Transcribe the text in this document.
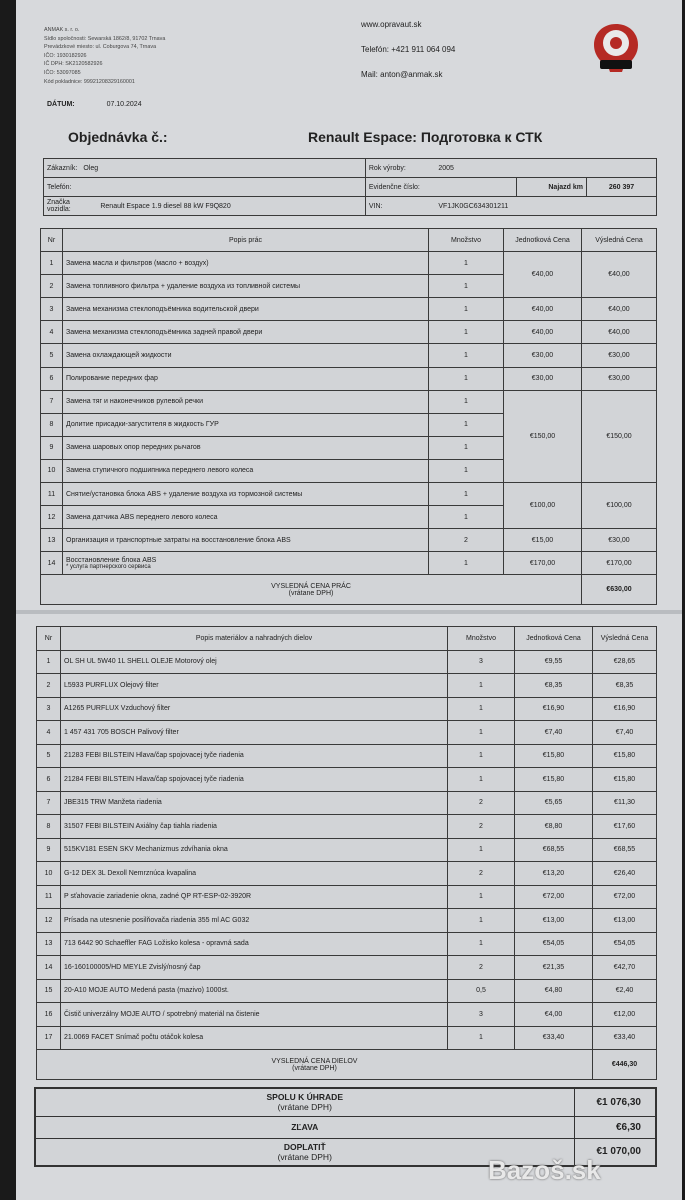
ANMAK s. r. o.
Sídlo spoločnosti: Sewarská 1862/8, 91702 Trnava
Prevádzkové miesto: ul. Coburgova 74, Trnava
IČO: 1930182926
IČ DPH: SK2120582926
IČO: 53097085
Kód pokladnice: 99921208329160001
www.opravaut.sk
Telefón: +421 911 064 094
Mail: anton@anmak.sk
DÁTUM:	07.10.2024
Objednávka č.:	Renault Espace: Подготовка к СТК
Zákazník:	Oleg	Rok výroby:	2005		
Telefón:		Evidenčne číslo:		Najazd km	260 397
Značka vozidla:	Renault Espace 1.9 diesel 88 kW F9Q820	VIN:	VF1JK0GC634301211		
Nr	Popis prác	Množstvo	Jednotková Cena	Výsledná Cena
1	Замена масла и фильтров (масло + воздух)	1	€40,00	€40,00
2	Замена топливного фильтра + удаление воздуха из топливной системы	1		
3	Замена механизма стеклоподъёмника водительской двери	1	€40,00	€40,00
4	Замена механизма стеклоподъёмника задней правой двери	1	€40,00	€40,00
5	Замена охлаждающей жидкости	1	€30,00	€30,00
6	Полирование передних фар	1	€30,00	€30,00
7	Замена тяг и наконечников рулевой речки	1	€150,00	€150,00
8	Долитие присадки-загустителя в жидкость ГУР	1		
9	Замена шаровых опор передних рычагов	1		
10	Замена ступичного подшипника переднего левого колеса	1		
11	Снятие/установка блока ABS + удаление воздуха из тормозной системы	1	€100,00	€100,00
12	Замена датчика ABS переднего левого колеса	1		
13	Организация и транспортные затраты на восстановление блока ABS	2	€15,00	€30,00
14	Восстановление блока ABS
* услуга партнерского сервиса	1	€170,00	€170,00

VYSLEDNÁ CENA PRÁC
(vrátane DPH)				€630,00
Nr	Popis materiálov a nahradných dielov	Množstvo	Jednotková Cena	Výsledná Cena
1	OL SH UL 5W40 1L SHELL OLEJE Motorový olej	3	€9,55	€28,65
2	L5933 PURFLUX Olejový filter	1	€8,35	€8,35
3	A1265 PURFLUX Vzduchový filter	1	€16,90	€16,90
4	1 457 431 705 BOSCH Palivový filter	1	€7,40	€7,40
5	21283 FEBI BILSTEIN Hlava/čap spojovacej tyče riadenia	1	€15,80	€15,80
6	21284 FEBI BILSTEIN Hlava/čap spojovacej tyče riadenia	1	€15,80	€15,80
7	JBE315 TRW Manžeta riadenia	2	€5,65	€11,30
8	31507 FEBI BILSTEIN Axiálny čap tiahla riadenia	2	€8,80	€17,60
9	515KV181 ESEN SKV Mechanizmus zdvíhania okna	1	€68,55	€68,55
10	G-12 DEX 3L Dexoll Nemrznúca kvapalina	2	€13,20	€26,40
11	P sťahovacie zariadenie okna, zadné QP RT-ESP-02-3920R	1	€72,00	€72,00
12	Prísada na utesnenie posilňovača riadenia 355 ml AC G032	1	€13,00	€13,00
13	713 6442 90 Schaeffler FAG Ložisko kolesa - opravná sada	1	€54,05	€54,05
14	16-160100005/HD MEYLE Zvislý/nosný čap	2	€21,35	€42,70
15	20-A10 MOJE AUTO Medená pasta (mazivo) 1000st.	0,5	€4,80	€2,40
16	Čistič univerzálny MOJE AUTO / spotrebný materiál na čistenie	3	€4,00	€12,00
17	21.0069 FACET Snímač počtu otáčok kolesa	1	€33,40	€33,40

VYSLEDNÁ CENA DIELOV
(vrátane DPH)				€446,30
SPOLU K ÚHRADE
(vrátane DPH)	€1 076,30
ZĽAVA	€6,30

DOPLATIŤ
(vrátane DPH)	€1 070,00
Bazoš.sk
